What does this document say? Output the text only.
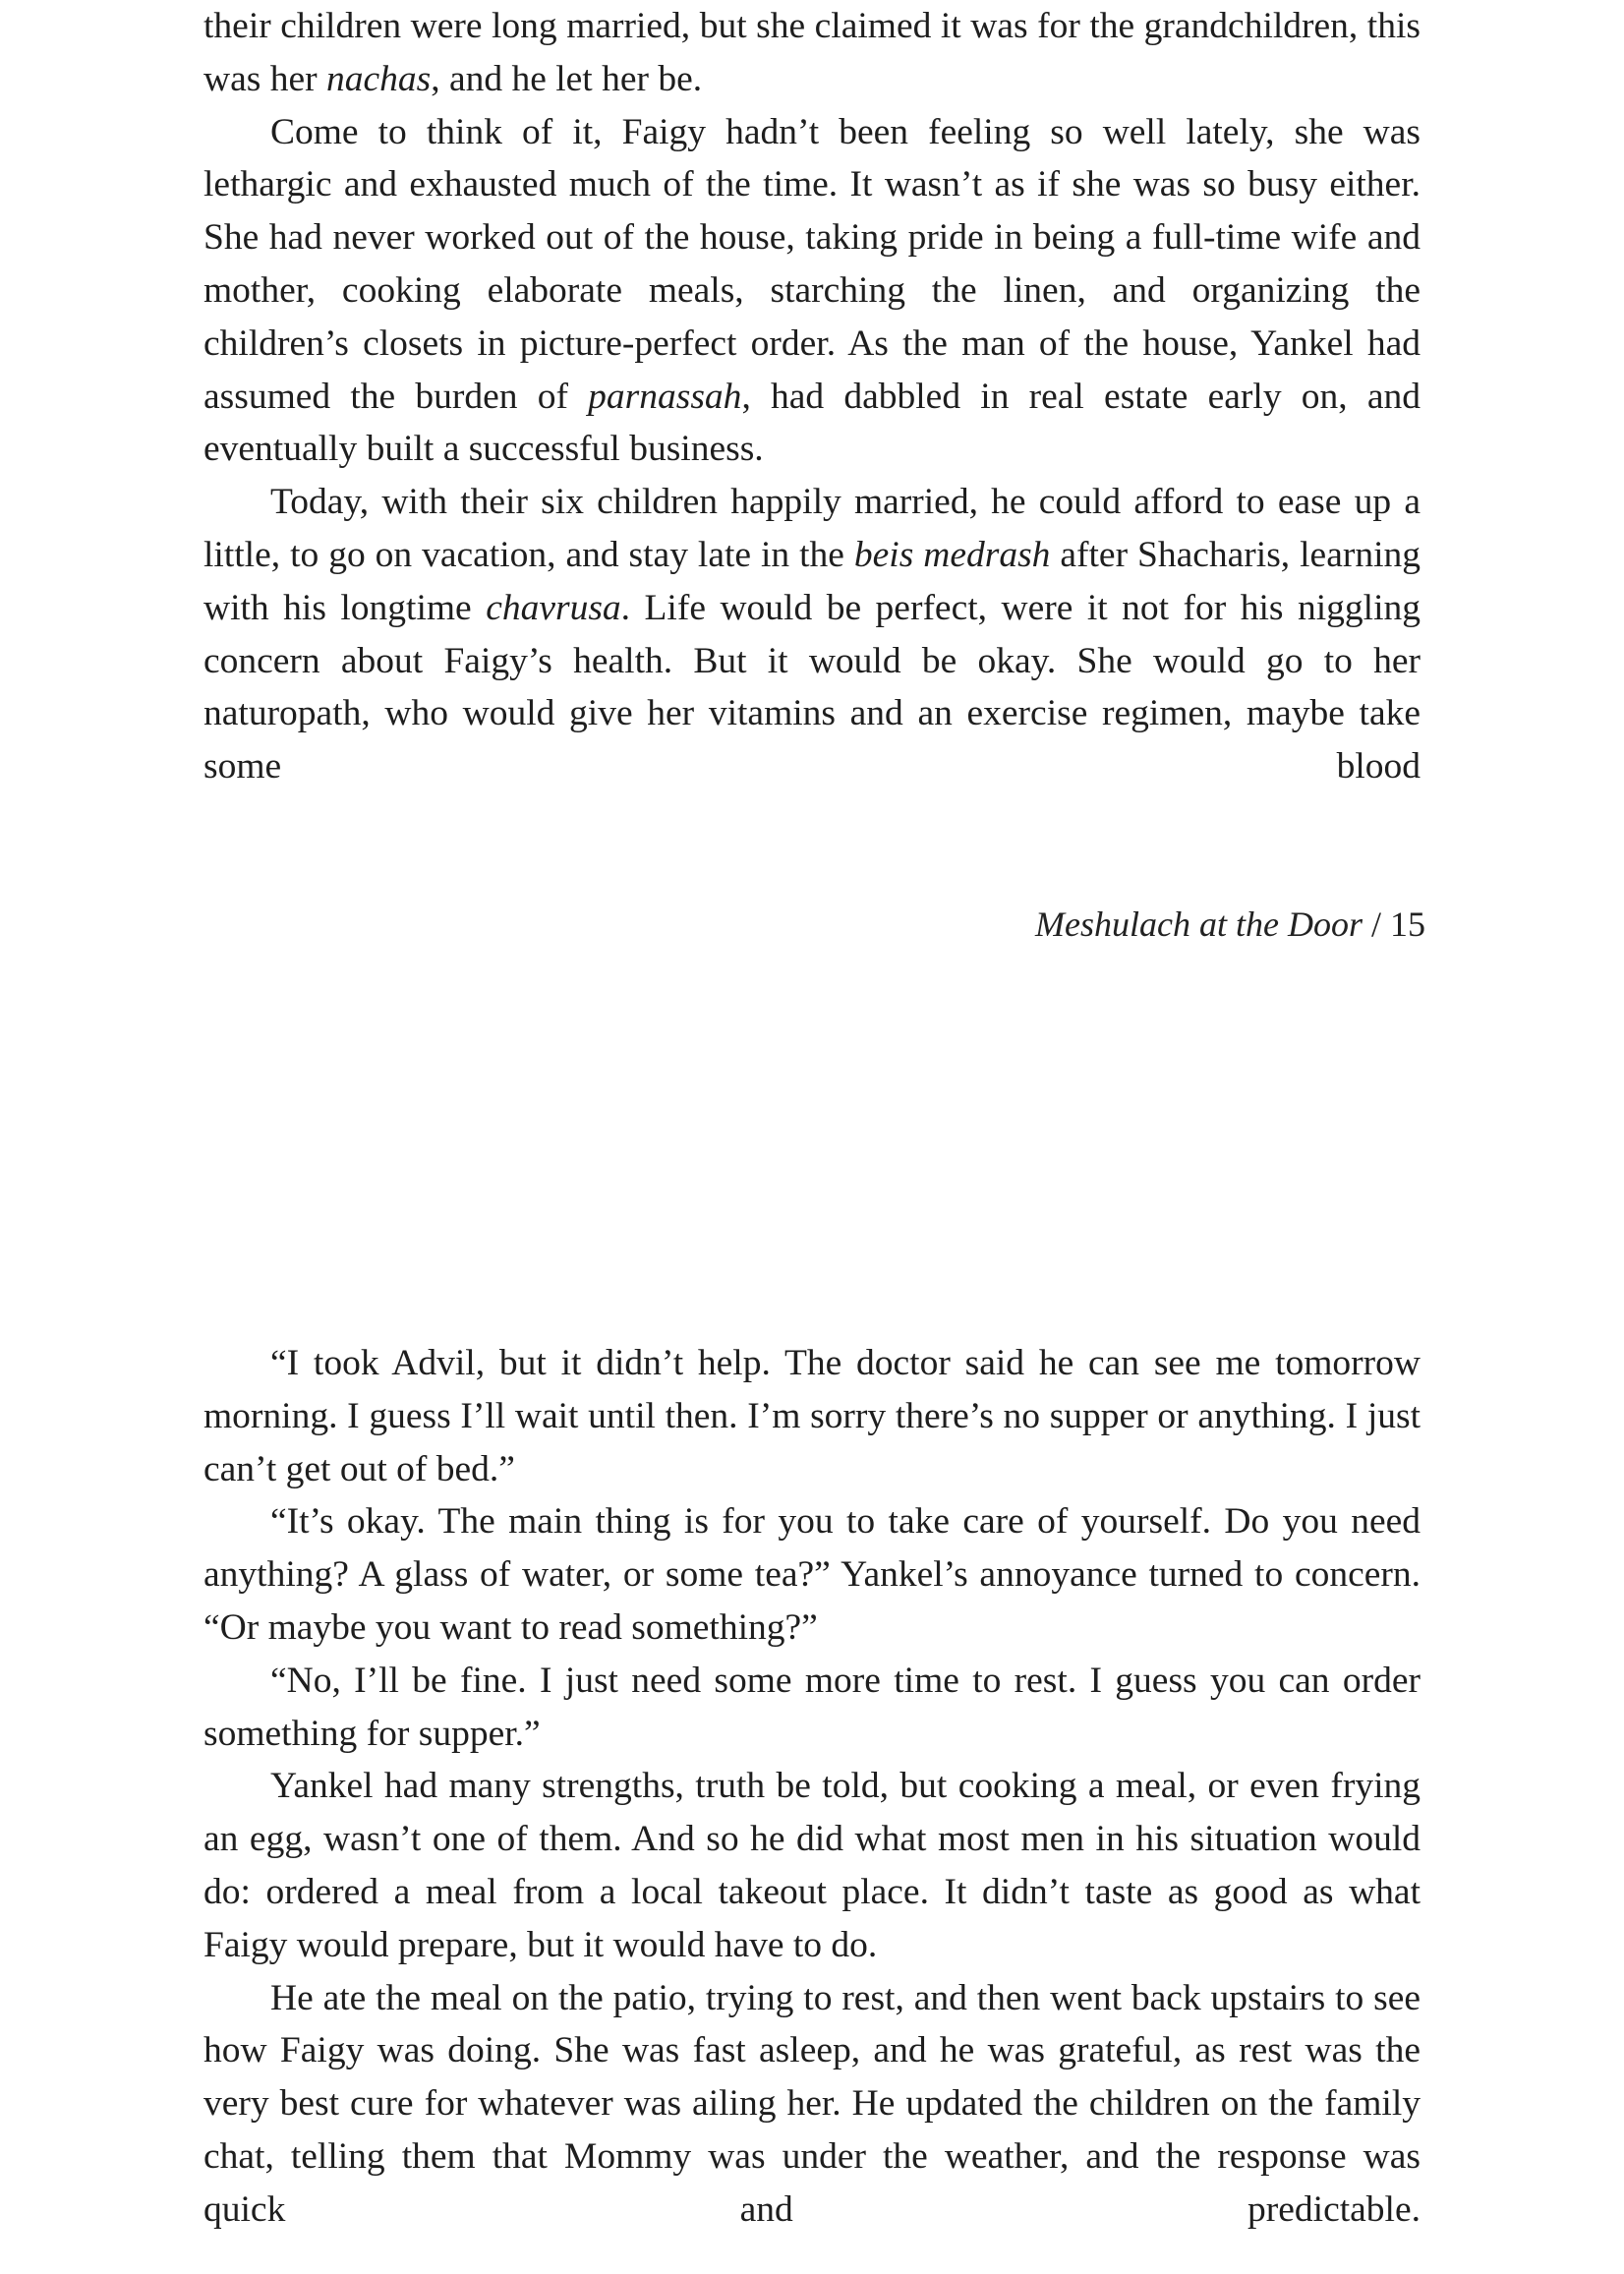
their children were long married, but she claimed it was for the grandchildren, this was her nachas, and he let her be.

Come to think of it, Faigy hadn’t been feeling so well lately, she was lethargic and exhausted much of the time. It wasn’t as if she was so busy either. She had never worked out of the house, taking pride in being a full-time wife and mother, cooking elaborate meals, starching the linen, and organizing the children’s closets in picture-perfect order. As the man of the house, Yankel had assumed the burden of parnassah, had dabbled in real estate early on, and eventually built a successful business.

Today, with their six children happily married, he could afford to ease up a little, to go on vacation, and stay late in the beis medrash after Shacharis, learning with his longtime chavrusa. Life would be perfect, were it not for his niggling concern about Faigy’s health. But it would be okay. She would go to her naturopath, who would give her vitamins and an exercise regimen, maybe take some blood

Meshulach at the Door / 15

“I took Advil, but it didn’t help. The doctor said he can see me tomorrow morning. I guess I’ll wait until then. I’m sorry there’s no supper or anything. I just can’t get out of bed.”

“It’s okay. The main thing is for you to take care of yourself. Do you need anything? A glass of water, or some tea?” Yankel’s annoyance turned to concern. “Or maybe you want to read something?”

“No, I’ll be fine. I just need some more time to rest. I guess you can order something for supper.”

Yankel had many strengths, truth be told, but cooking a meal, or even frying an egg, wasn’t one of them. And so he did what most men in his situation would do: ordered a meal from a local takeout place. It didn’t taste as good as what Faigy would prepare, but it would have to do.

He ate the meal on the patio, trying to rest, and then went back upstairs to see how Faigy was doing. She was fast asleep, and he was grateful, as rest was the very best cure for whatever was ailing her. He updated the children on the family chat, telling them that Mommy was under the weather, and the response was quick and predictable.
